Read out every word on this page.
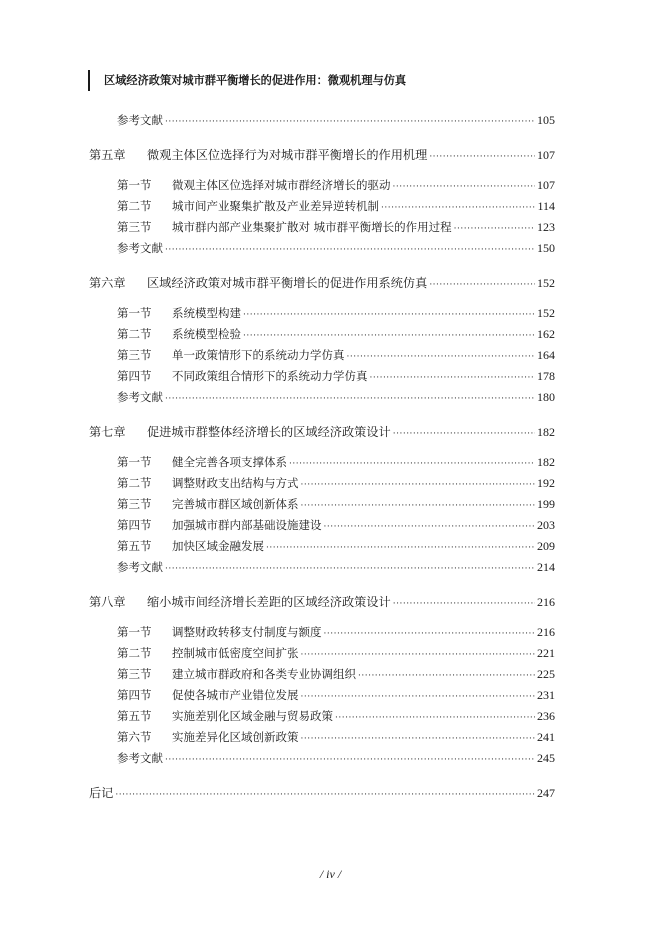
区域经济政策对城市群平衡增长的促进作用：微观机理与仿真
参考文献 ·····	105
第五章	微观主体区位选择行为对城市群平衡增长的作用机理 ·····	107
第一节	微观主体区位选择对城市群经济增长的驱动 ·····	107
第二节	城市间产业聚集扩散及产业差异逆转机制 ·····	114
第三节	城市群内部产业集聚扩散对 城市群平衡增长的作用过程 ·····	123
参考文献 ·····	150
第六章	区域经济政策对城市群平衡增长的促进作用系统仿真 ·····	152
第一节	系统模型构建 ·····	152
第二节	系统模型检验 ·····	162
第三节	单一政策情形下的系统动力学仿真 ·····	164
第四节	不同政策组合情形下的系统动力学仿真 ·····	178
参考文献 ·····	180
第七章	促进城市群整体经济增长的区域经济政策设计 ·····	182
第一节	健全完善各项支撑体系 ·····	182
第二节	调整财政支出结构与方式 ·····	192
第三节	完善城市群区域创新体系 ·····	199
第四节	加强城市群内部基础设施建设 ·····	203
第五节	加快区域金融发展 ·····	209
参考文献 ·····	214
第八章	缩小城市间经济增长差距的区域经济政策设计 ·····	216
第一节	调整财政转移支付制度与额度 ·····	216
第二节	控制城市低密度空间扩张 ·····	221
第三节	建立城市群政府和各类专业协调组织 ·····	225
第四节	促使各城市产业错位发展 ·····	231
第五节	实施差别化区域金融与贸易政策 ·····	236
第六节	实施差异化区域创新政策 ·····	241
参考文献 ·····	245
后记 ·····	247
/ iv /
